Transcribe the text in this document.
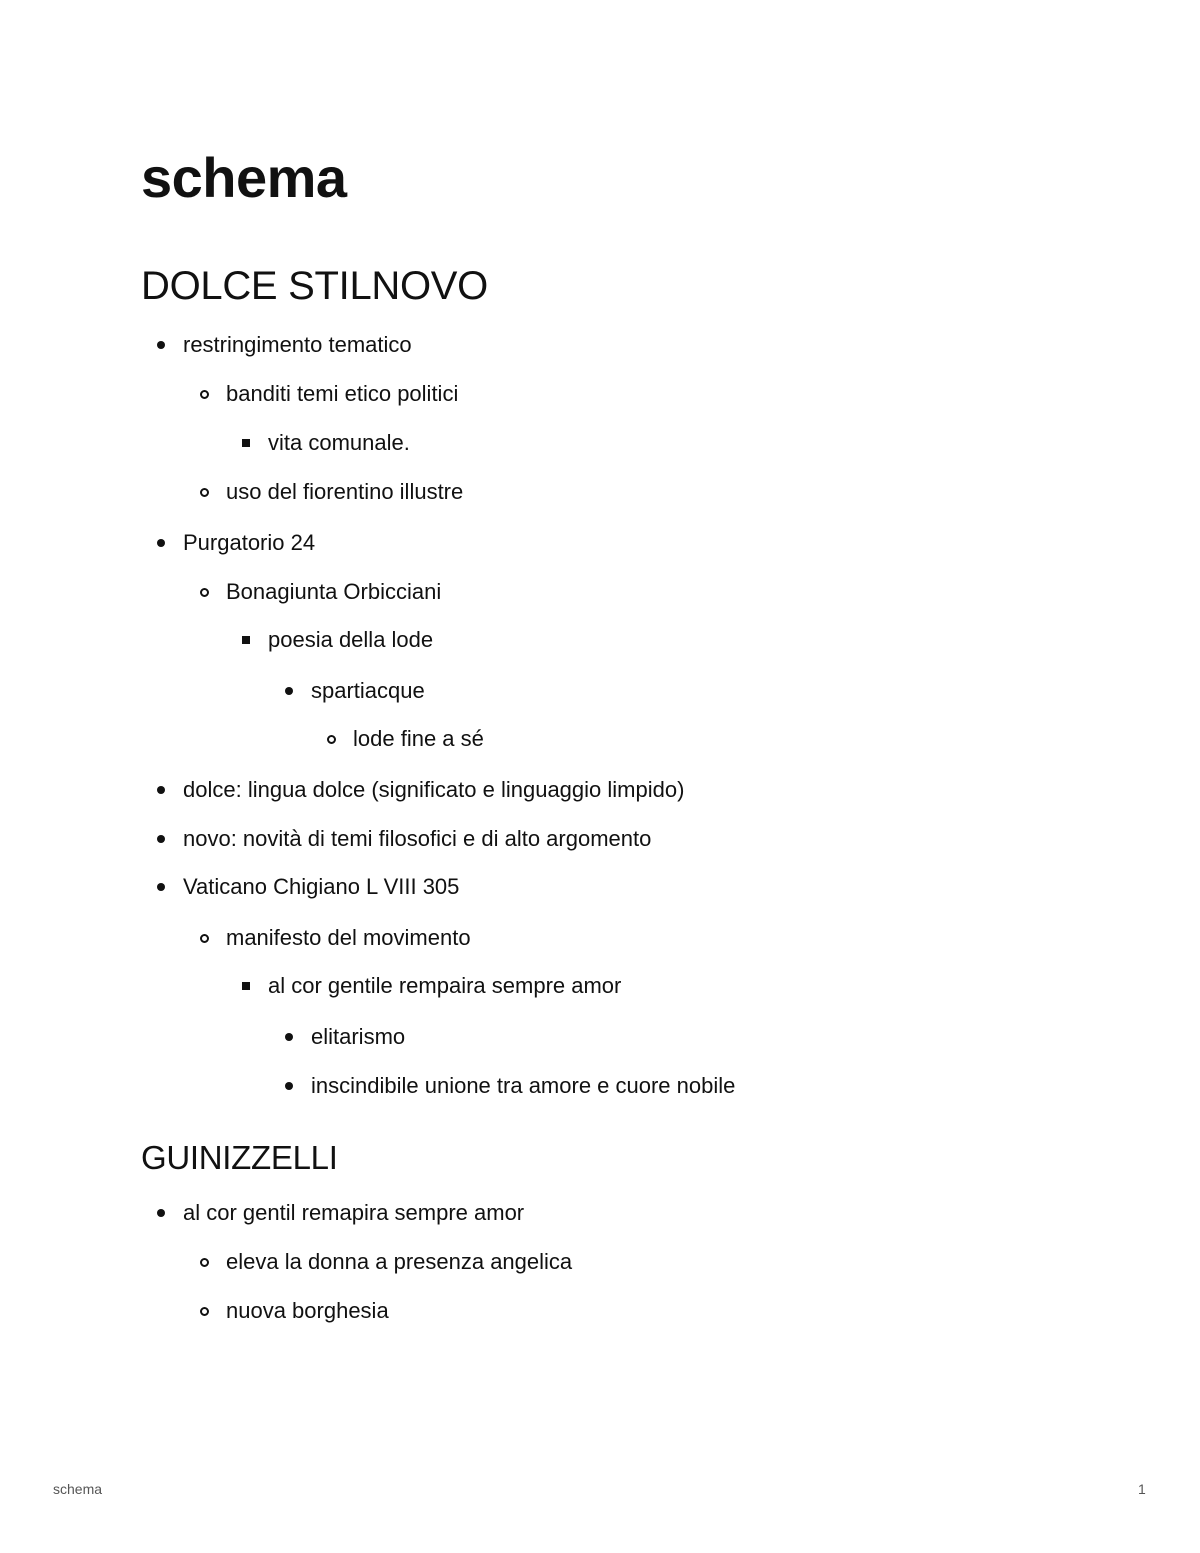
schema
DOLCE STILNOVO
restringimento tematico
banditi temi etico politici
vita comunale.
uso del fiorentino illustre
Purgatorio 24
Bonagiunta Orbicciani
poesia della lode
spartiacque
lode fine a sé
dolce: lingua dolce (significato e linguaggio limpido)
novo: novità di temi filosofici e di alto argomento
Vaticano Chigiano L VIII 305
manifesto del movimento
al cor gentile rempaira sempre amor
elitarismo
inscindibile unione tra amore e cuore nobile
GUINIZZELLI
al cor gentil remapira sempre amor
eleva la donna a presenza angelica
nuova borghesia
schema	1
